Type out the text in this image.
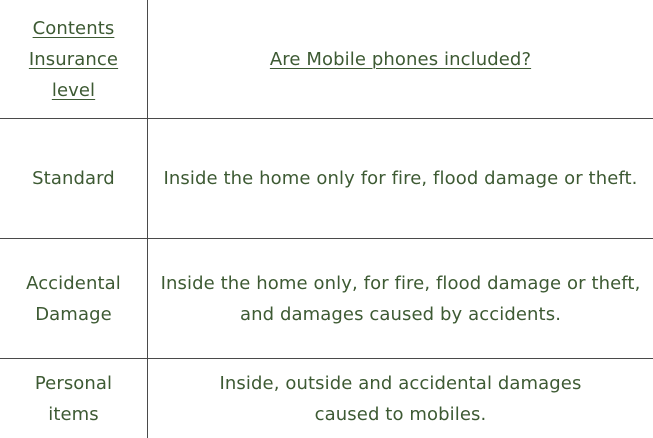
Contents Insurance level
Are Mobile phones included?
Standard	Inside the home only for fire, flood damage or theft.
Accidental Damage
Inside the home only, for fire, flood damage or theft, and damages caused by accidents.
Personal items
Inside, outside and accidental damages caused to mobiles.
